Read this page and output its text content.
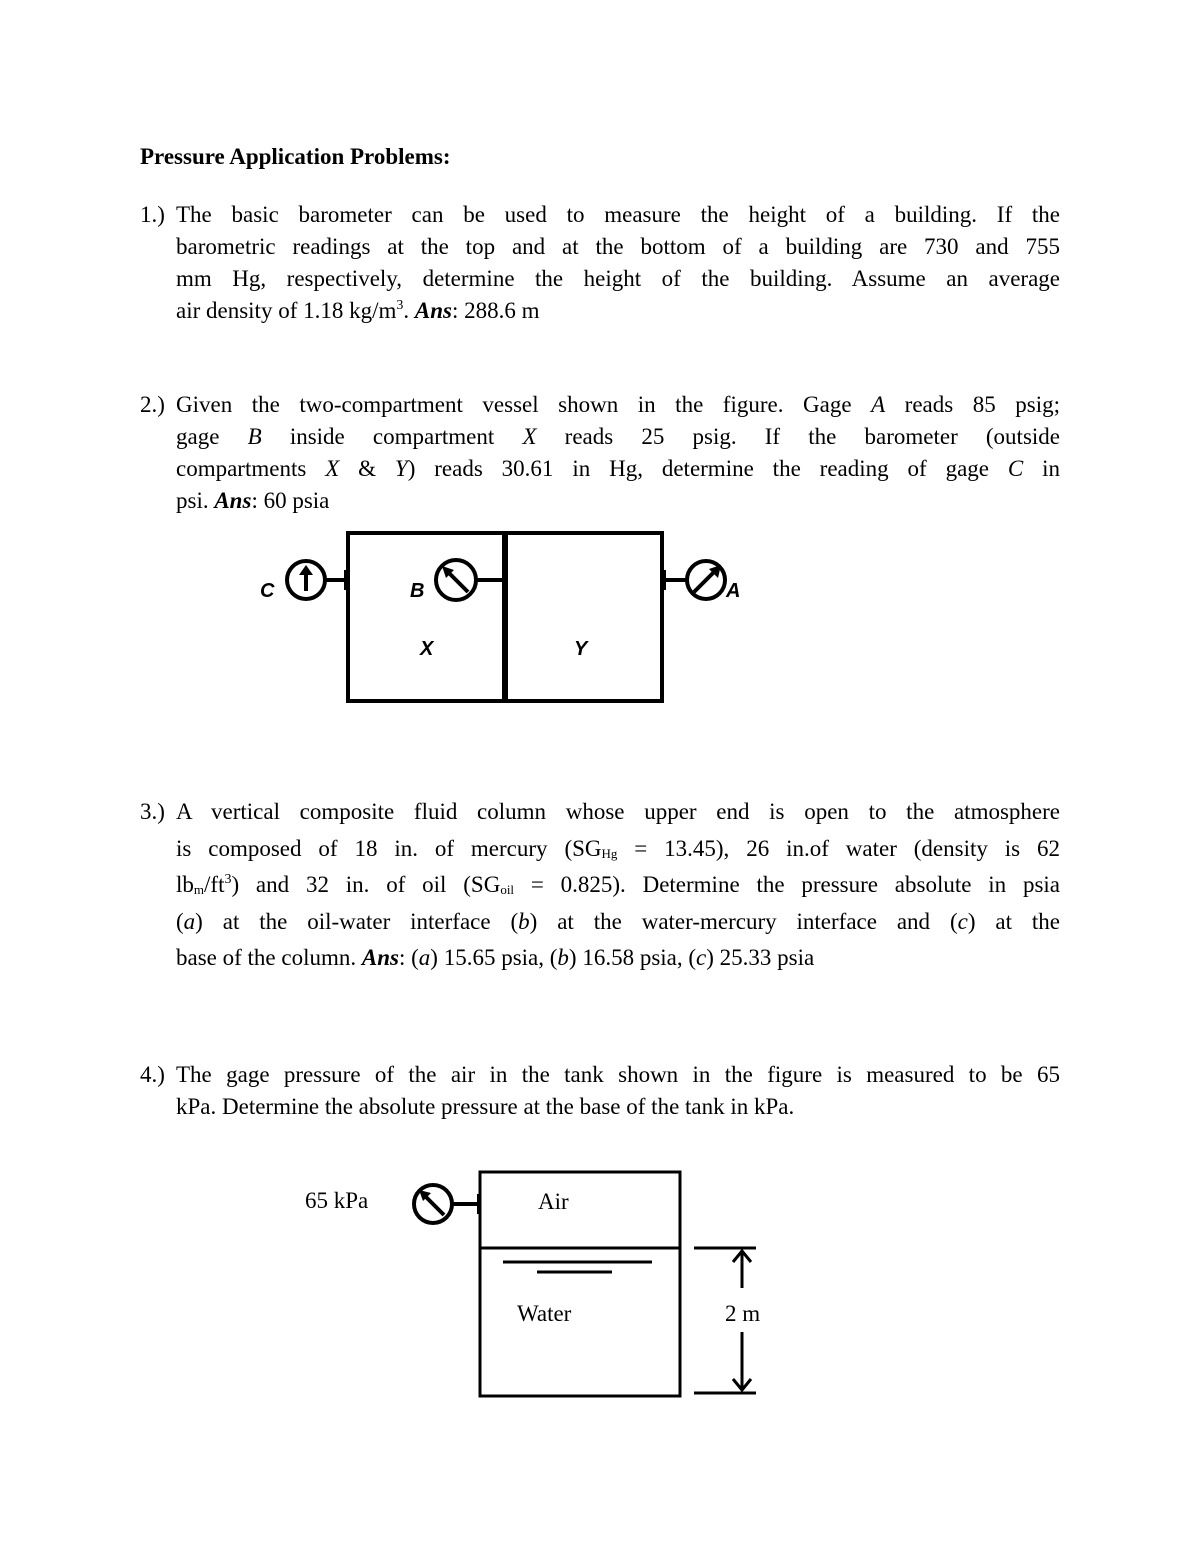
Pressure Application Problems:
1.) The basic barometer can be used to measure the height of a building. If the
barometric readings at the top and at the bottom of a building are 730 and 755
mm Hg, respectively, determine the height of the building. Assume an average
air density of 1.18 $kg/m^3$. Ans: 288.6 m
2.) Given the two-compartment vessel shown in the figure. Gage A reads 85 psig;
gage B inside compartment X reads 25 psig. If the barometer (outside
compartments X & Y) reads 30.61 in Hg, determine the reading of gage C in
psi. Ans: 60 psia
C	B	A
X	Y
3.) A vertical composite fluid column whose upper end is open to the atmosphere
is composed of 18 in. of mercury $(SG_{Hg} = 13.45)$, 26 in.of water (density is 62
$lb_m/ft^3$) and 32 in. of oil $(SG_{oil} = 0.825)$. Determine the pressure absolute in psia
(a) at the oil-water interface (b) at the water-mercury interface and (c) at the
base of the column. Ans: (a) 15.65 psia, (b) 16.58 psia, (c) 25.33 psia
4.) The gage pressure of the air in the tank shown in the figure is measured to be 65
kPa. Determine the absolute pressure at the base of the tank in kPa.
65 kPa	Air
Water	2 m
